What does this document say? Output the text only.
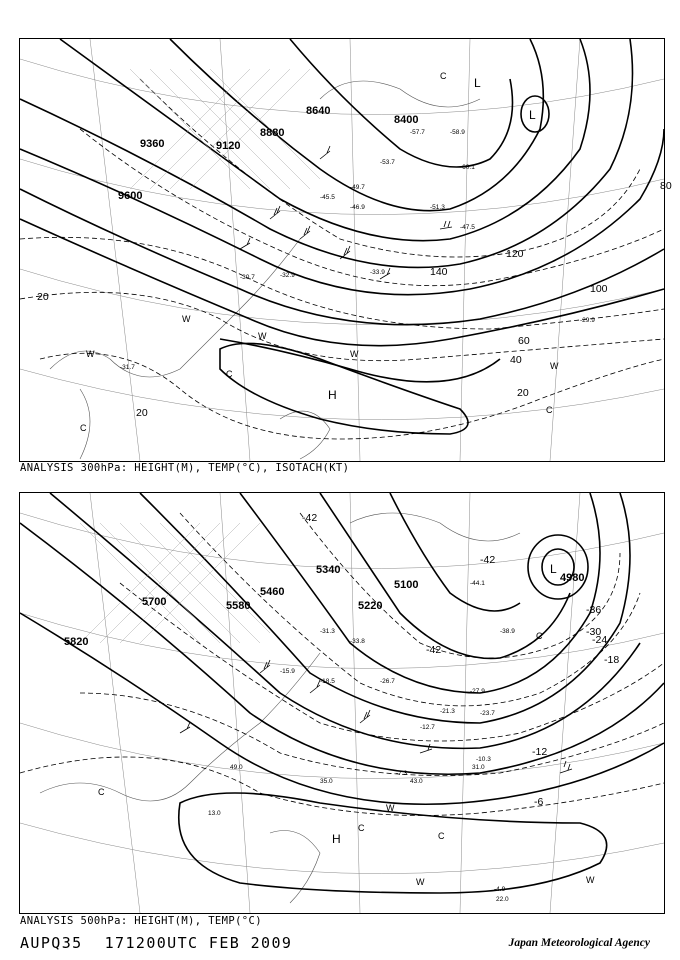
9600
9360	9120
8880
8640
8400
140
120
100
80
60
40
20
20
20
-29.9
-30.7
-31.7
-32.9	-33.9
-45.5
-46.9
-47.5
-49.7
-51.3
-53.7
-57.7	-58.9
-60.1
L
L
H
W
W
W
W
W
C
C
C
C
ANALYSIS 300hPa: HEIGHT(M), TEMP(°C), ISOTACH(KT)
5820
5700	5580
5460
5340
5220
5100
4980
-6
-12
-18
-24
-30
-36
-42
-42
-42
-4.9
-7.3
-10.3
-12.7
-15.9
-18.5
-21.3	-23.7
-26.7
-27.9
-31.3
-33.8
-38.9
-44.1
31.0
43.0
22.0
13.0
49.0
35.0
L
H
W
W	W
C
C
C
C
ANALYSIS 500hPa: HEIGHT(M), TEMP(°C)
AUPQ35 171200UTC FEB 2009	Japan Meteorological Agency
